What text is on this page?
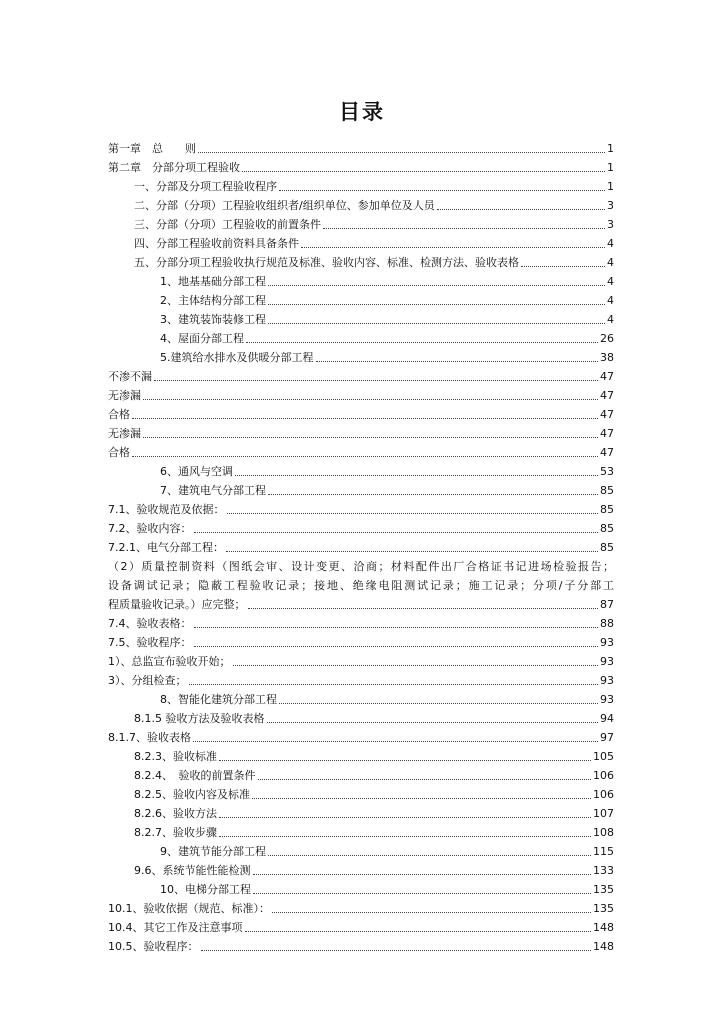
目录
第一章　总　　则	1
第二章　分部分项工程验收	1
一、分部及分项工程验收程序	1
二、分部（分项）工程验收组织者/组织单位、参加单位及人员	3
三、分部（分项）工程验收的前置条件	3
四、分部工程验收前资料具备条件	4
五、分部分项工程验收执行规范及标准、验收内容、标准、检测方法、验收表格	4
1、地基基础分部工程	4
2、主体结构分部工程	4
3、建筑装饰装修工程	4
4、屋面分部工程	26
5.建筑给水排水及供暖分部工程	38
不渗不漏	47
无渗漏	47
合格	47
无渗漏	47
合格	47
6、通风与空调	53
7、建筑电气分部工程	85
7.1、验收规范及依据：	85
7.2、验收内容：	85
7.2.1、电气分部工程：	85
（2）质量控制资料（图纸会审、设计变更、洽商；材料配件出厂合格证书记进场检验报告；
设备调试记录；隐蔽工程验收记录；接地、绝缘电阻测试记录；施工记录；分项/子分部工
程质量验收记录。）应完整；	87
7.4、验收表格：	88
7.5、验收程序：	93
1）、总监宣布验收开始；	93
3）、分组检查；	93
8、智能化建筑分部工程	93
8.1.5 验收方法及验收表格	94
8.1.7、验收表格	97
8.2.3、验收标准	105
8.2.4、　验收的前置条件	106
8.2.5、验收内容及标准	106
8.2.6、验收方法	107
8.2.7、验收步骤	108
9、建筑节能分部工程	115
9.6、系统节能性能检测	133
10、电梯分部工程	135
10.1、验收依据（规范、标准）：	135
10.4、其它工作及注意事项	148
10.5、验收程序：	148
